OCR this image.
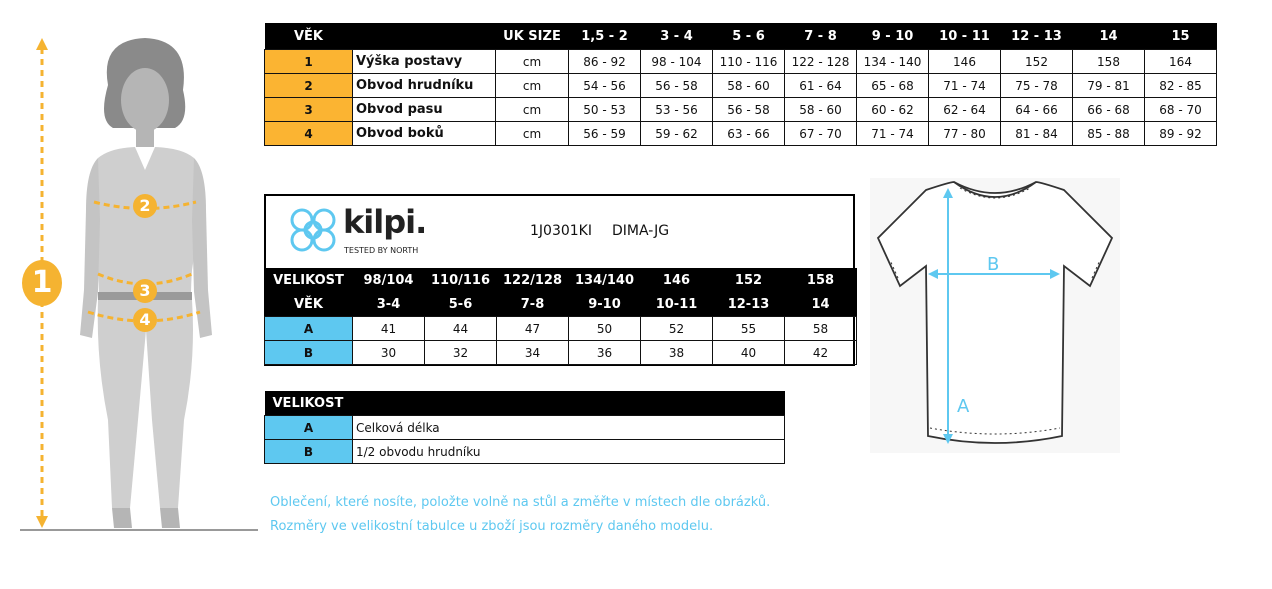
1
2
3
4
VĚK		UK SIZE	1,5 - 2	3 - 4	5 - 6	7 - 8	9 - 10	10 - 11	12 - 13	14	15
1	Výška postavy	cm	86 - 92	98 - 104	110 - 116	122 - 128	134 - 140	146	152	158	164
2	Obvod hrudníku	cm	54 - 56	56 - 58	58 - 60	61 - 64	65 - 68	71 - 74	75 - 78	79 - 81	82 - 85
3	Obvod pasu	cm	50 - 53	53 - 56	56 - 58	58 - 60	60 - 62	62 - 64	64 - 66	66 - 68	68 - 70
4	Obvod boků	cm	56 - 59	59 - 62	63 - 66	67 - 70	71 - 74	77 - 80	81 - 84	85 - 88	89 - 92
kilpi.
TESTED BY NORTH
1J0301KI DIMA-JG
VELIKOST	98/104	110/116	122/128	134/140	146	152	158
VĚK	3-4	5-6	7-8	9-10	10-11	12-13	14
A	41	44	47	50	52	55	58
B	30	32	34	36	38	40	42
VELIKOST	
A	Celková délka
B	1/2 obvodu hrudníku
Oblečení, které nosíte, položte volně na stůl a změřte v místech dle obrázků.
Rozměry ve velikostní tabulce u zboží jsou rozměry daného modelu.
B
A
